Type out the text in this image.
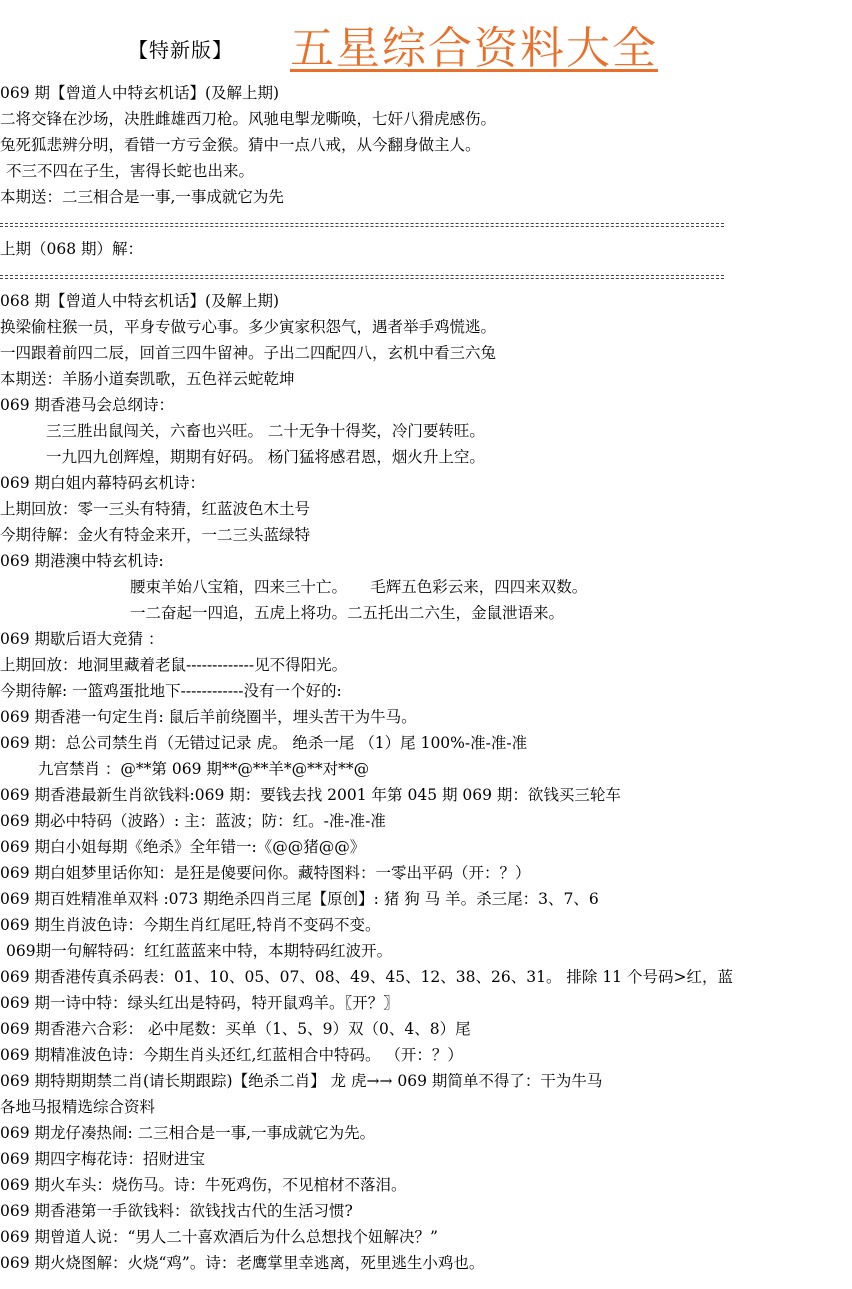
【特新版】 五星综合资料大全
069 期【曾道人中特玄机话】(及解上期)
二将交锋在沙场，决胜雌雄西刀枪。风驰电掣龙嘶唤，七奸八猾虎感伤。
兔死狐悲辨分明，看错一方亏金猴。猜中一点八戒，从今翻身做主人。
不三不四在子生，害得长蛇也出来。
本期送：二三相合是一事,一事成就它为先
上期（068 期）解：
068 期【曾道人中特玄机话】(及解上期)
换梁偷柱猴一员，平身专做亏心事。多少寅家积怨气，遇者举手鸡慌逃。
一四跟着前四二辰，回首三四牛留神。子出二四配四八，玄机中看三六兔
本期送：羊肠小道奏凯歌，五色祥云蛇乾坤
069 期香港马会总纲诗：
三三胜出鼠闯关，六畜也兴旺。 二十无争十得奖，冷门要转旺。
一九四九创辉煌，期期有好码。 杨门猛将感君恩，烟火升上空。
069 期白姐内幕特码玄机诗：
上期回放：零一三头有特猜，红蓝波色木土号
今期待解：金火有特金来开，一二三头蓝绿特
069 期港澳中特玄机诗:
腰束羊始八宝箱，四来三十亡。　　毛辉五色彩云来，四四来双数。
一二奋起一四追，五虎上将功。二五托出二六生，金鼠泄语来。
069 期歇后语大竞猜 ：
上期回放：地洞里藏着老鼠-------------见不得阳光。
今期待解: 一篮鸡蛋批地下------------没有一个好的:
069 期香港一句定生肖: 鼠后羊前绕圈半，埋头苦干为牛马。
069 期：总公司禁生肖（无错过记录 虎。 绝杀一尾 （1）尾 100%-准-准-准
九宫禁肖 ：@**第 069 期**@**羊*@**对**@
069 期香港最新生肖欲钱料:069 期：要钱去找 2001 年第 045 期 069 期：欲钱买三轮车
069 期必中特码（波路）: 主：蓝波；防：红。-准-准-准
069 期白小姐每期《绝杀》全年错一:《@@猪@@》
069 期白姐梦里话你知：是狂是傻要问你。藏特图料：一零出平码（开：？）
069 期百姓精准单双料 :073 期绝杀四肖三尾【原创】: 猪 狗 马 羊。杀三尾：3、7、6
069 期生肖波色诗：今期生肖红尾旺,特肖不变码不变。
069期一句解特码：红红蓝蓝来中特，本期特码红波开。
069 期香港传真杀码表：01、10、05、07、08、49、45、12、38、26、31。 排除 11 个号码>红，蓝
069 期一诗中特：绿头红出是特码，特开鼠鸡羊。〖开？〗
069 期香港六合彩： 必中尾数：买单（1、5、9）双（0、4、8）尾
069 期精准波色诗：今期生肖头还红,红蓝相合中特码。 （开：？）
069 期特期期禁二肖(请长期跟踪)【绝杀二肖】 龙 虎→→ 069 期简单不得了：干为牛马
各地马报精选综合资料
069 期龙仔凑热闹: 二三相合是一事,一事成就它为先。
069 期四字梅花诗：招财进宝
069 期火车头：烧伤马。诗：牛死鸡伤，不见棺材不落泪。
069 期香港第一手欲钱料：欲钱找古代的生活习惯?
069 期曾道人说：“男人二十喜欢酒后为什么总想找个妞解决？”
069 期火烧图解：火烧“鸡”。诗：老鹰掌里幸逃离，死里逃生小鸡也。
